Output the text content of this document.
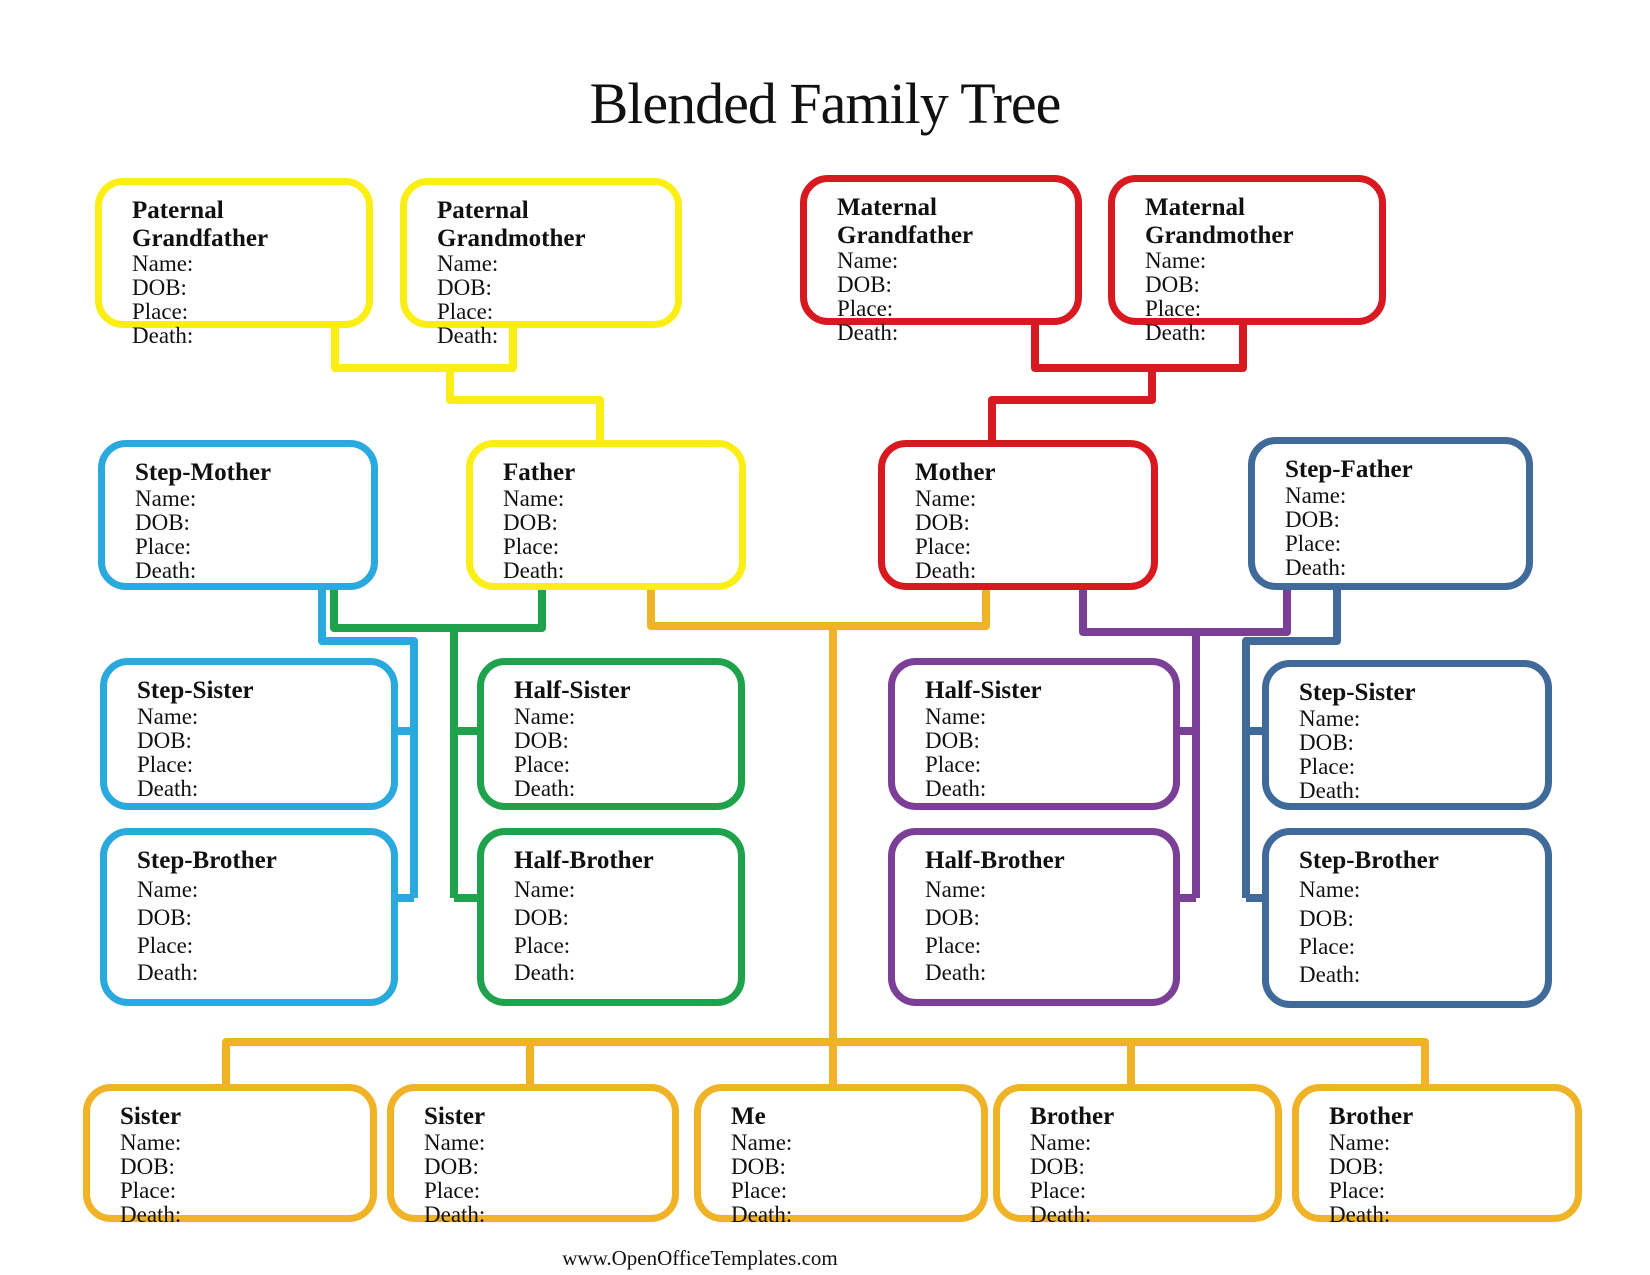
Blended Family Tree
Paternal Grandfather
Name:
DOB:
Place:
Death:
Paternal Grandmother
Name:
DOB:
Place:
Death:
Maternal Grandfather
Name:
DOB:
Place:
Death:
Maternal Grandmother
Name:
DOB:
Place:
Death:
Step-Mother
Name:
DOB:
Place:
Death:
Father
Name:
DOB:
Place:
Death:
Mother
Name:
DOB:
Place:
Death:
Step-Father
Name:
DOB:
Place:
Death:
Step-Sister
Name:
DOB:
Place:
Death:
Half-Sister
Name:
DOB:
Place:
Death:
Half-Sister
Name:
DOB:
Place:
Death:
Step-Sister
Name:
DOB:
Place:
Death:
Step-Brother
Name:
DOB:
Place:
Death:
Half-Brother
Name:
DOB:
Place:
Death:
Half-Brother
Name:
DOB:
Place:
Death:
Step-Brother
Name:
DOB:
Place:
Death:
Sister
Name:
DOB:
Place:
Death:
Sister
Name:
DOB:
Place:
Death:
Me
Name:
DOB:
Place:
Death:
Brother
Name:
DOB:
Place:
Death:
Brother
Name:
DOB:
Place:
Death:
www.OpenOfficeTemplates.com
